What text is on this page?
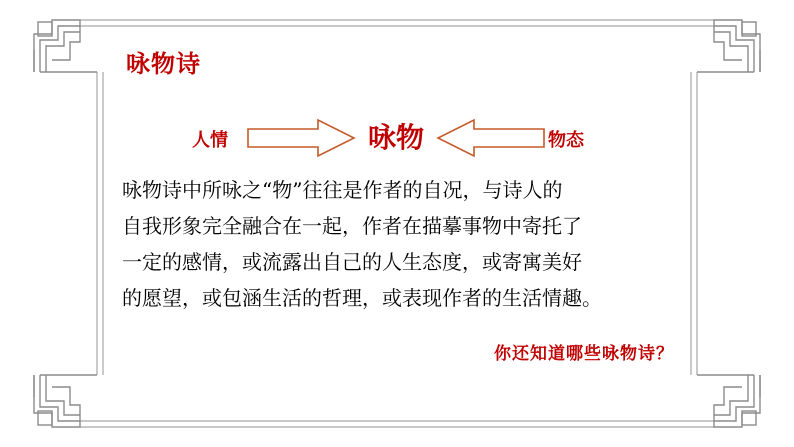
咏物诗
人情	咏物	物态
咏物诗中所咏之“物”往往是作者的自况，与诗人的
自我形象完全融合在一起，作者在描摹事物中寄托了
一定的感情，或流露出自己的人生态度，或寄寓美好
的愿望，或包涵生活的哲理，或表现作者的生活情趣。
你还知道哪些咏物诗？
